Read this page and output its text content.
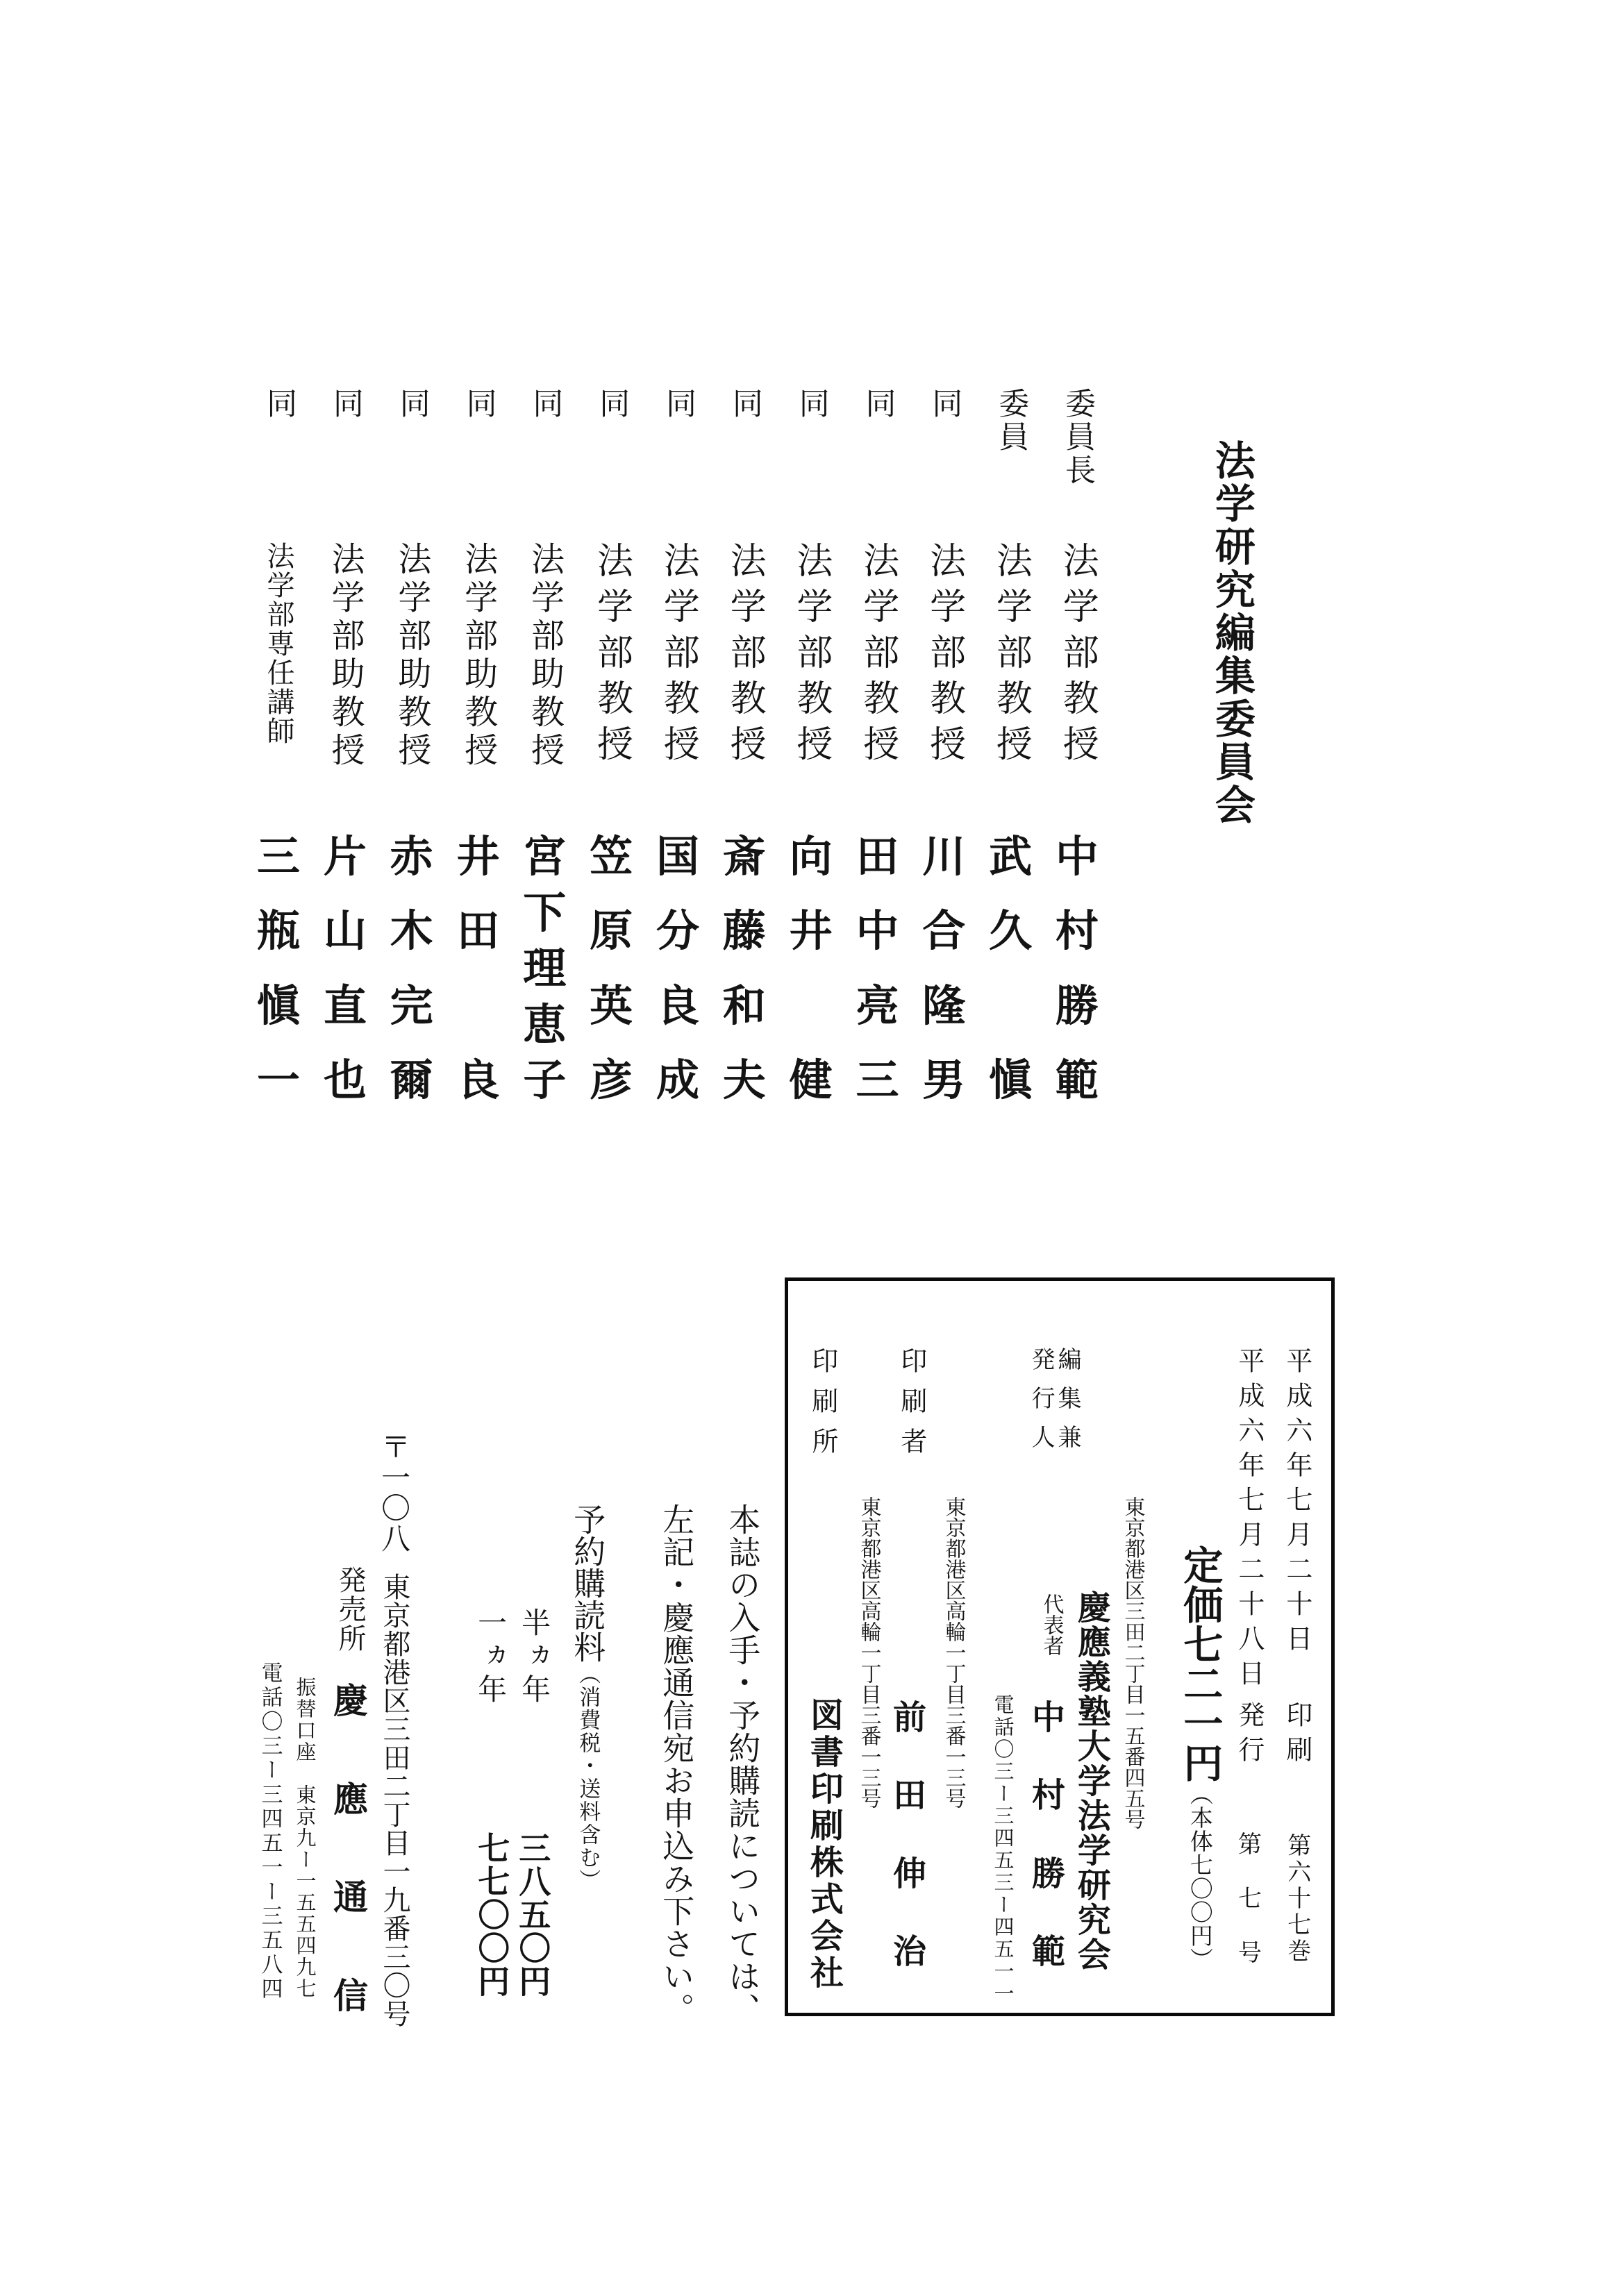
法学研究編集委員会
委員長
法学部教授
中
村
勝
範
委員
法学部教授
武
久

愼
同
法学部教授
川
合
隆
男
同
法学部教授
田
中
亮
三
同
法学部教授
向
井

健
同
法学部教授
斎
藤
和
夫
同
法学部教授
国
分
良
成
同
法学部教授
笠
原
英
彦
同
法学部助教授
宮
下
理
恵
子
同
法学部助教授
井
田

良
同
法学部助教授
赤
木
完
爾
同
法学部助教授
片
山
直
也
同
法学部専任講師
三
瓶
愼
一
平成六年七月二十日
印刷
第六十七巻
平成六年七月二十八日
発行
第
七
号
定価七二一円（本体七〇〇円）
編集兼発行人
東京都港区三田二丁目一五番四五号
慶應義塾大学法学研究会
代表者
中
村
勝
範
電話〇三ー三四五三ー四五一一
印刷者
東京都港区高輪一丁目三番一三号
前
田
伸
治
印刷所
東京都港区高輪一丁目三番一三号
図書印刷株式会社
本誌の入手・予約購読については、
左記・慶應通信宛お申込み下さい。
予約購読料（消費税・送料含む）
半ヵ年
一ヵ年
三八五〇円
七七〇〇円
〒一〇八
東京都港区三田二丁目一九番三〇号
発売所
慶
應
通
信
振替口座　東京九ー一五五四九七
電話〇三ー三四五一ー三五八四
